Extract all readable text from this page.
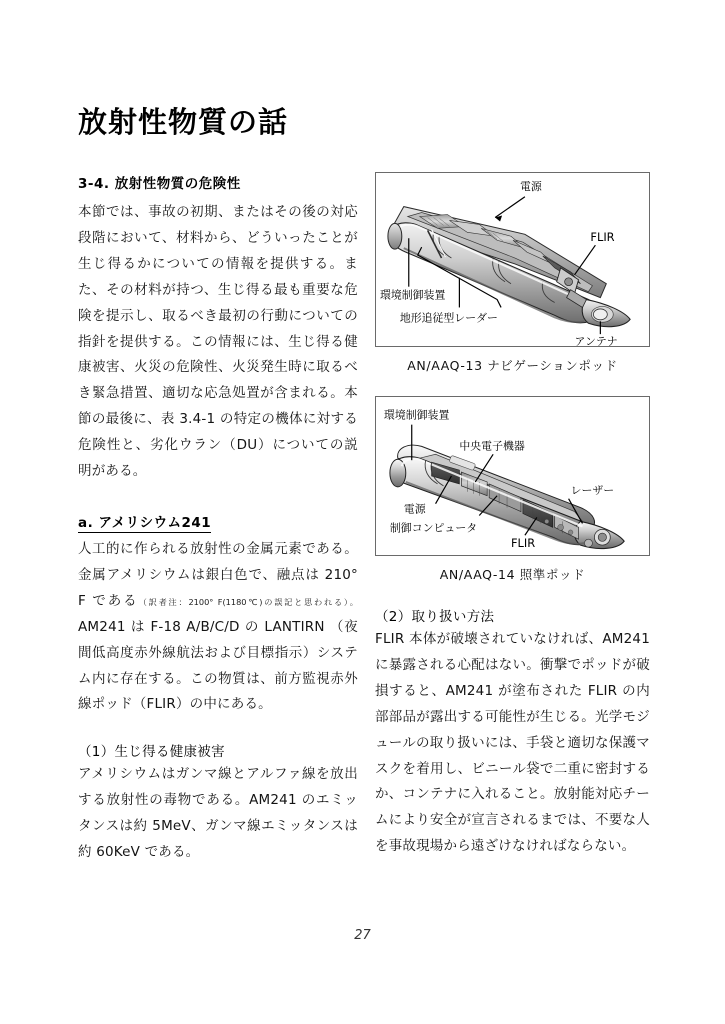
放射性物質の話
3-4. 放射性物質の危険性

本節では、事故の初期、またはその後の対応段階において、材料から、どういったことが生じ得るかについての情報を提供する。また、その材料が持つ、生じ得る最も重要な危険を提示し、取るべき最初の行動についての指針を提供する。この情報には、生じ得る健康被害、火災の危険性、火災発生時に取るべき緊急措置、適切な応急処置が含まれる。本節の最後に、表 3.4-1 の特定の機体に対する危険性と、劣化ウラン（DU）についての説明がある。

a. アメリシウム241

人工的に作られる放射性の金属元素である。金属アメリシウムは銀白色で、融点は 210° F である（訳者注：2100° F(1180℃)の誤記と思われる）。AM241 は F-18 A/B/C/D の LANTIRN （夜間低高度赤外線航法および目標指示）システム内に存在する。この物質は、前方監視赤外線ポッド（FLIR）の中にある。

（1）生じ得る健康被害

アメリシウムはガンマ線とアルファ線を放出する放射性の毒物である。AM241 のエミッタンスは約 5MeV、ガンマ線エミッタンスは約 60KeV である。

電源
FLIR
環境制御装置
地形追従型レーダー
アンテナ
AN/AAQ-13 ナビゲーションポッド
環境制御装置
中央電子機器
レーザー
電源
制御コンピュータ
FLIR
AN/AAQ-14 照準ポッド
（2）取り扱い方法

FLIR 本体が破壊されていなければ、AM241 に暴露される心配はない。衝撃でポッドが破損すると、AM241 が塗布された FLIR の内部部品が露出する可能性が生じる。光学モジュールの取り扱いには、手袋と適切な保護マスクを着用し、ビニール袋で二重に密封するか、コンテナに入れること。放射能対応チームにより安全が宣言されるまでは、不要な人を事故現場から遠ざけなければならない。

27
